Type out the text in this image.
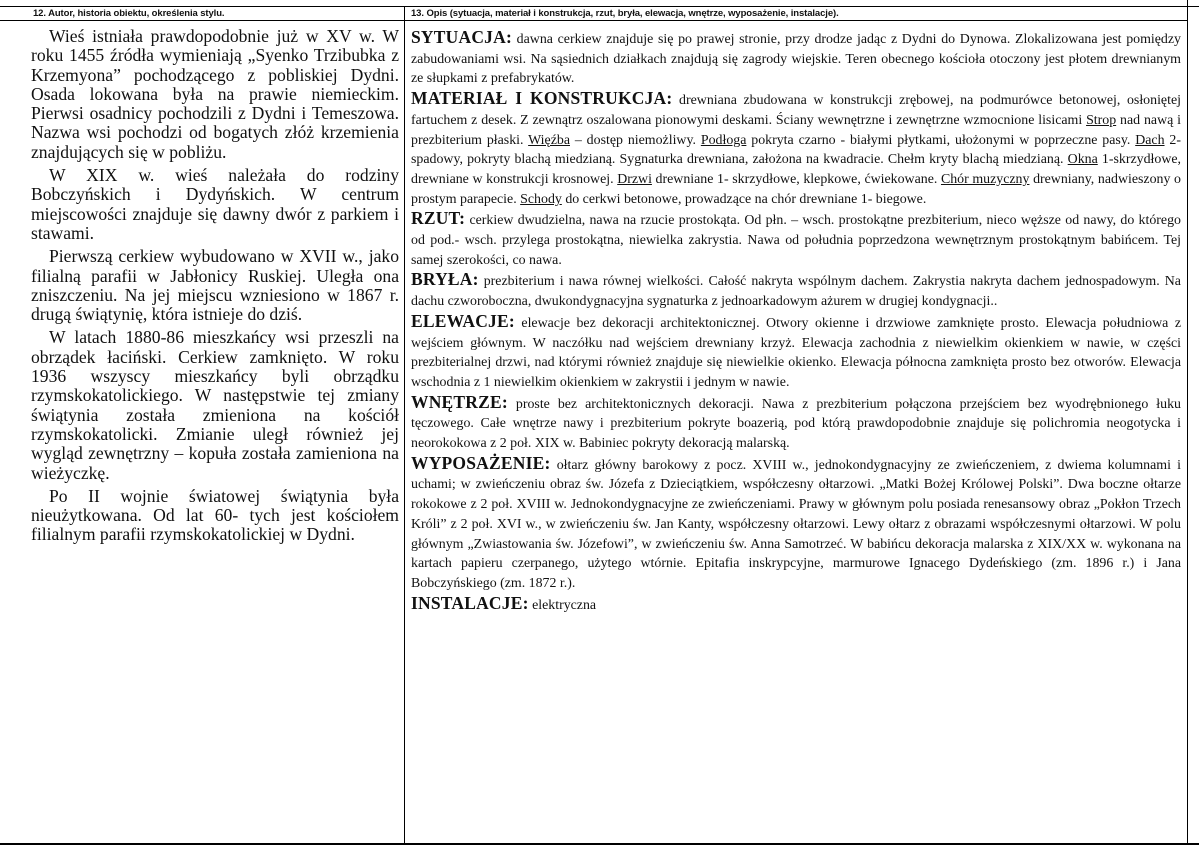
12. Autor, historia obiektu, określenia stylu.	13. Opis (sytuacja, materiał i konstrukcja, rzut, bryła, elewacja, wnętrze, wyposażenie, instalacje).

Wieś istniała prawdopodobnie już w XV w. W roku 1455 źródła wymieniają „Syenko Trzibubka z Krzemyona” pochodzącego z pobliskiej Dydni. Osada lokowana była na prawie niemieckim. Pierwsi osadnicy pochodzili z Dydni i Temeszowa. Nazwa wsi pochodzi od bogatych złóż krzemienia znajdujących się w pobliżu.

W XIX w. wieś należała do rodziny Bobczyńskich i Dydyńskich. W centrum miejscowości znajduje się dawny dwór z parkiem i stawami.

Pierwszą cerkiew wybudowano w XVII w., jako filialną parafii w Jabłonicy Ruskiej. Uległa ona zniszczeniu. Na jej miejscu wzniesiono w 1867 r. drugą świątynię, która istnieje do dziś.

W latach 1880-86 mieszkańcy wsi przeszli na obrządek łaciński. Cerkiew zamknięto. W roku 1936 wszyscy mieszkańcy byli obrządku rzymskokatolickiego. W następstwie tej zmiany świątynia została zmieniona na kościół rzymskokatolicki. Zmianie uległ również jej wygląd zewnętrzny – kopuła została zamieniona na wieżyczkę.

Po II wojnie światowej świątynia była nieużytkowana. Od lat 60- tych jest kościołem filialnym parafii rzymskokatolickiej w Dydni.

SYTUACJA: dawna cerkiew znajduje się po prawej stronie, przy drodze jadąc z Dydni do Dynowa. Zlokalizowana jest pomiędzy zabudowaniami wsi. Na sąsiednich działkach znajdują się zagrody wiejskie. Teren obecnego kościoła otoczony jest płotem drewnianym ze słupkami z prefabrykatów.

MATERIAŁ I KONSTRUKCJA: drewniana zbudowana w konstrukcji zrębowej, na podmurówce betonowej, osłoniętej fartuchem z desek. Z zewnątrz oszalowana pionowymi deskami. Ściany wewnętrzne i zewnętrzne wzmocnione lisicami Strop nad nawą i prezbiterium płaski. Więźba – dostęp niemożliwy. Podłoga pokryta czarno - białymi płytkami, ułożonymi w poprzeczne pasy. Dach 2- spadowy, pokryty blachą miedzianą. Sygnaturka drewniana, założona na kwadracie. Chełm kryty blachą miedzianą. Okna 1-skrzydłowe, drewniane w konstrukcji krosnowej. Drzwi drewniane 1- skrzydłowe, klepkowe, ćwiekowane. Chór muzyczny drewniany, nadwieszony o prostym parapecie. Schody do cerkwi betonowe, prowadzące na chór drewniane 1- biegowe.

RZUT: cerkiew dwudzielna, nawa na rzucie prostokąta. Od płn. – wsch. prostokątne prezbiterium, nieco węższe od nawy, do którego od pod.- wsch. przylega prostokątna, niewielka zakrystia. Nawa od południa poprzedzona wewnętrznym prostokątnym babińcem. Tej samej szerokości, co nawa.

BRYŁA: prezbiterium i nawa równej wielkości. Całość nakryta wspólnym dachem. Zakrystia nakryta dachem jednospadowym. Na dachu czworoboczna, dwukondygnacyjna sygnaturka z jednoarkadowym ażurem w drugiej kondygnacji..

ELEWACJE: elewacje bez dekoracji architektonicznej. Otwory okienne i drzwiowe zamknięte prosto. Elewacja południowa z wejściem głównym. W naczółku nad wejściem drewniany krzyż. Elewacja zachodnia z niewielkim okienkiem w nawie, w części prezbiterialnej drzwi, nad którymi również znajduje się niewielkie okienko. Elewacja północna zamknięta prosto bez otworów. Elewacja wschodnia z 1 niewielkim okienkiem w zakrystii i jednym w nawie.

WNĘTRZE: proste bez architektonicznych dekoracji. Nawa z prezbiterium połączona przejściem bez wyodrębnionego łuku tęczowego. Całe wnętrze nawy i prezbiterium pokryte boazerią, pod którą prawdopodobnie znajduje się polichromia neogotycka i neorokokowa z 2 poł. XIX w. Babiniec pokryty dekoracją malarską.

WYPOSAŻENIE: ołtarz główny barokowy z pocz. XVIII w., jednokondygnacyjny ze zwieńczeniem, z dwiema kolumnami i uchami; w zwieńczeniu obraz św. Józefa z Dzieciątkiem, współczesny ołtarzowi. „Matki Bożej Królowej Polski”. Dwa boczne ołtarze rokokowe z 2 poł. XVIII w. Jednokondygnacyjne ze zwieńczeniami. Prawy w głównym polu posiada renesansowy obraz „Pokłon Trzech Króli” z 2 poł. XVI w., w zwieńczeniu św. Jan Kanty, współczesny ołtarzowi. Lewy ołtarz z obrazami współczesnymi ołtarzowi. W polu głównym „Zwiastowania św. Józefowi”, w zwieńczeniu św. Anna Samotrzeć. W babińcu dekoracja malarska z XIX/XX w. wykonana na kartach papieru czerpanego, użytego wtórnie. Epitafia inskrypcyjne, marmurowe Ignacego Dydeńskiego (zm. 1896 r.) i Jana Bobczyńskiego (zm. 1872 r.).

INSTALACJE: elektryczna
